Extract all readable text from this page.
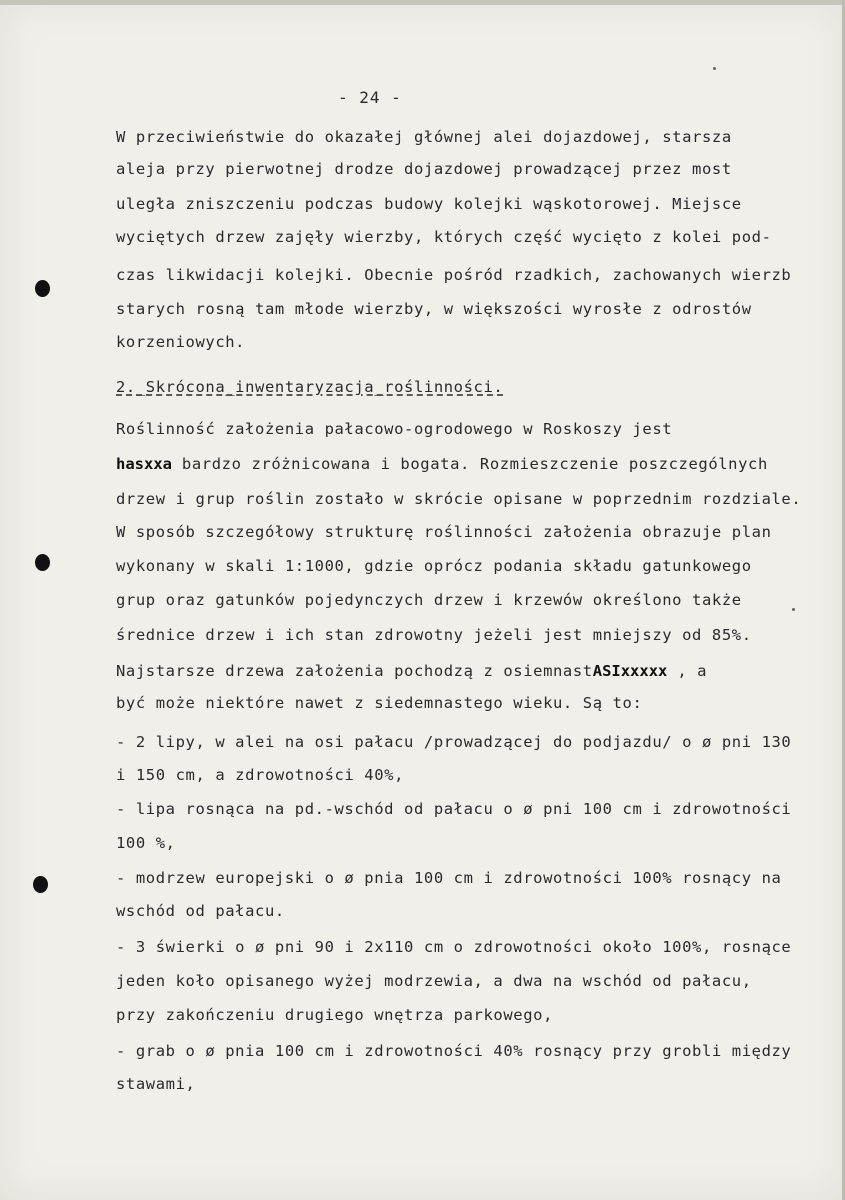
- 24 -
W przeciwieństwie do okazałej głównej alei dojazdowej, starsza
aleja przy pierwotnej drodze dojazdowej prowadzącej przez most
uległa zniszczeniu podczas budowy kolejki wąskotorowej. Miejsce
wyciętych drzew zajęły wierzby, których część wycięto z kolei pod-
czas likwidacji kolejki. Obecnie pośród rzadkich, zachowanych wierzb
starych rosną tam młode wierzby, w większości wyrosłe z odrostów
korzeniowych.
2._Skrócona_inwentaryzacja_roślinności.
Roślinność założenia pałacowo-ogrodowego w Roskoszy jest
hasxxa bardzo zróżnicowana i bogata. Rozmieszczenie poszczególnych
drzew i grup roślin zostało w skrócie opisane w poprzednim rozdziale.
W sposób szczegółowy strukturę roślinności założenia obrazuje plan
wykonany w skali 1:1000, gdzie oprócz podania składu gatunkowego
grup oraz gatunków pojedynczych drzew i krzewów określono także
średnice drzew i ich stan zdrowotny jeżeli jest mniejszy od 85%.
Najstarsze drzewa założenia pochodzą z osiemnastASIxxxxx , a
być może niektóre nawet z siedemnastego wieku. Są to:
- 2 lipy, w alei na osi pałacu /prowadzącej do podjazdu/ o ø pni 130
i 150 cm, a zdrowotności 40%,
- lipa rosnąca na pd.-wschód od pałacu o ø pni 100 cm i zdrowotności
100 %,
- modrzew europejski o ø pnia 100 cm i zdrowotności 100% rosnący na
wschód od pałacu.
- 3 świerki o ø pni 90 i 2x110 cm o zdrowotności około 100%, rosnące
jeden koło opisanego wyżej modrzewia, a dwa na wschód od pałacu,
przy zakończeniu drugiego wnętrza parkowego,
- grab o ø pnia 100 cm i zdrowotności 40% rosnący przy grobli między
stawami,
